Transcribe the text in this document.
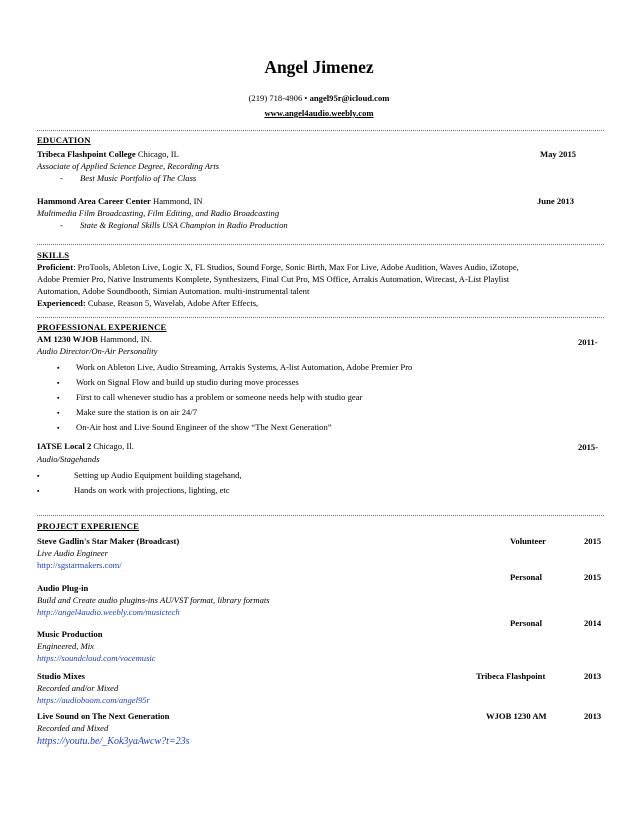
Angel Jimenez
(219) 718-4906 • angel95r@icloud.com
www.angel4audio.weebly.com
EDUCATION
Tribeca Flashpoint College Chicago, IL	May 2015
Associate of Applied Science Degree, Recording Arts
- Best Music Portfolio of The Class
Hammond Area Career Center Hammond, IN	June 2013
Multimedia Film Broadcasting, Film Editing, and Radio Broadcasting
- State & Regional Skills USA Champion in Radio Production
SKILLS
Proficient: ProTools, Ableton Live, Logic X, FL Studios, Sound Forge, Sonic Birth, Max For Live, Adobe Audition, Waves Audio, iZotope,
Adobe Premier Pro, Native Instruments Komplete, Synthesizers, Final Cut Pro, MS Office, Arrakis Automation, Wirecast, A-List Playlist
Automation, Adobe Soundbooth, Simian Automation. multi-instrumental talent
Experienced: Cubase, Reason 5, Wavelab, Adobe After Effects,
PROFESSIONAL EXPERIENCE
AM 1230 WJOB Hammond, IN.	2011-
Audio Director/On-Air Personality
▪ Work on Ableton Live, Audio Streaming, Arrakis Systems, A-list Automation, Adobe Premier Pro
▪ Work on Signal Flow and build up studio during move processes
▪ First to call whenever studio has a problem or someone needs help with studio gear
▪ Make sure the station is on air 24/7
▪ On-Air host and Live Sound Engineer of the show “The Next Generation”
IATSE Local 2 Chicago, Il.	2015-
Audio/Stagehands
▪	Setting up Audio Equipment building stagehand,
▪	Hands on work with projections, lighting, etc
PROJECT EXPERIENCE
Steve Gadlin's Star Maker (Broadcast)	Volunteer	2015
Live Audio Engineer
http://sgstarmakers.com/
Personal	2015
Audio Plug-in
Build and Create audio plugins-ins AU/VST format, library formats
http://angel4audio.weebly.com/musictech
Personal	2014
Music Production
Engineered, Mix
https://soundcloud.com/vocemusic
Studio Mixes	Tribeca Flashpoint	2013
Recorded and/or Mixed
https://audioboom.com/angel95r
Live Sound on The Next Generation	WJOB 1230 AM	2013
Recorded and Mixed
https://youtu.be/_Kok3yaAwcw?t=23s
